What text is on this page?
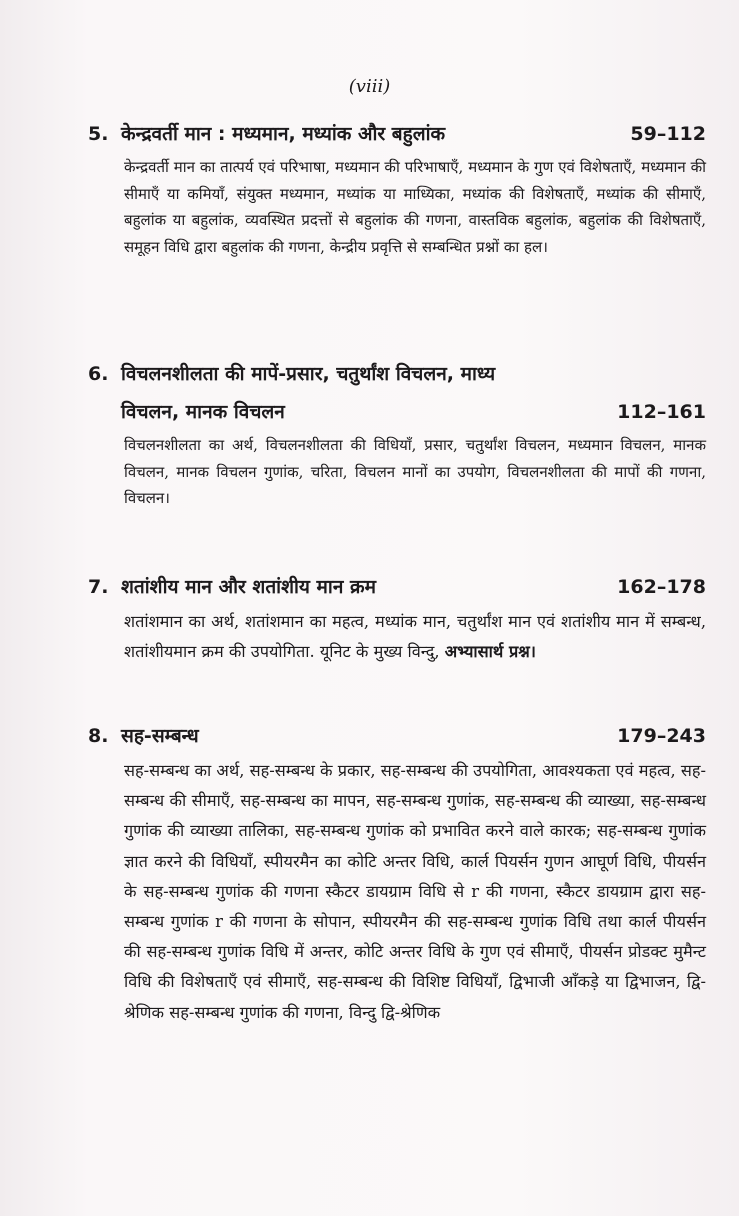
(viii)
5. केन्द्रवर्ती मान : मध्यमान, मध्यांक और बहुलांक	59–112
केन्द्रवर्ती मान का तात्पर्य एवं परिभाषा, मध्यमान की परिभाषाएँ, मध्यमान के गुण एवं विशेषताएँ, मध्यमान की सीमाएँ या कमियाँ, संयुक्त मध्यमान, मध्यांक या माध्यिका, मध्यांक की विशेषताएँ, मध्यांक की सीमाएँ, बहुलांक या बहुलांक, व्यवस्थित प्रदत्तों से बहुलांक की गणना, वास्तविक बहुलांक, बहुलांक की विशेषताएँ, समूहन विधि द्वारा बहुलांक की गणना, केन्द्रीय प्रवृत्ति से सम्बन्धित प्रश्नों का हल।
6. विचलनशीलता की मापें-प्रसार, चतुर्थांश विचलन, माध्य
विचलन, मानक विचलन	112–161
विचलनशीलता का अर्थ, विचलनशीलता की विधियाँ, प्रसार, चतुर्थांश विचलन, मध्यमान विचलन, मानक विचलन, मानक विचलन गुणांक, चरिता, विचलन मानों का उपयोग, विचलनशीलता की मापों की गणना, विचलन।
7. शतांशीय मान और शतांशीय मान क्रम	162–178
शतांशमान का अर्थ, शतांशमान का महत्व, मध्यांक मान, चतुर्थांश मान एवं शतांशीय मान में सम्बन्ध, शतांशीयमान क्रम की उपयोगिता. यूनिट के मुख्य विन्दु, अभ्यासार्थ प्रश्न।
8. सह-सम्बन्ध	179–243
सह-सम्बन्ध का अर्थ, सह-सम्बन्ध के प्रकार, सह-सम्बन्ध की उपयोगिता, आवश्यकता एवं महत्व, सह-सम्बन्ध की सीमाएँ, सह-सम्बन्ध का मापन, सह-सम्बन्ध गुणांक, सह-सम्बन्ध की व्याख्या, सह-सम्बन्ध गुणांक की व्याख्या तालिका, सह-सम्बन्ध गुणांक को प्रभावित करने वाले कारक; सह-सम्बन्ध गुणांक ज्ञात करने की विधियाँ, स्पीयरमैन का कोटि अन्तर विधि, कार्ल पियर्सन गुणन आघूर्ण विधि, पीयर्सन के सह-सम्बन्ध गुणांक की गणना स्कैटर डायग्राम विधि से r की गणना, स्कैटर डायग्राम द्वारा सह-सम्बन्ध गुणांक r की गणना के सोपान, स्पीयरमैन की सह-सम्बन्ध गुणांक विधि तथा कार्ल पीयर्सन की सह-सम्बन्ध गुणांक विधि में अन्तर, कोटि अन्तर विधि के गुण एवं सीमाएँ, पीयर्सन प्रोडक्ट मुमैन्ट विधि की विशेषताएँ एवं सीमाएँ, सह-सम्बन्ध की विशिष्ट विधियाँ, द्विभाजी आँकड़े या द्विभाजन, द्वि-श्रेणिक सह-सम्बन्ध गुणांक की गणना, विन्दु द्वि-श्रेणिक
